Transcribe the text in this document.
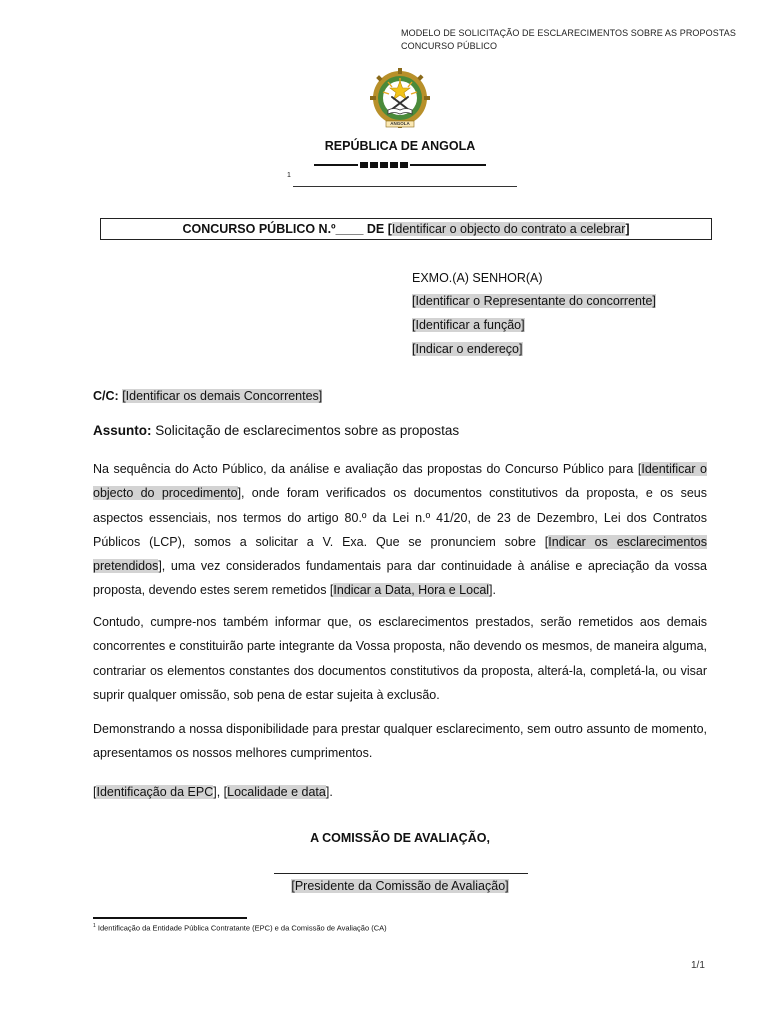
MODELO DE SOLICITAÇÃO DE ESCLARECIMENTOS SOBRE AS PROPOSTAS
CONCURSO PÚBLICO
ANGOLA
REPÚBLICA DE ANGOLA
1
CONCURSO PÚBLICO N.º____ DE [Identificar o objecto do contrato a celebrar]
EXMO.(A) SENHOR(A)
[Identificar o Representante do concorrente]
[Identificar a função]
[Indicar o endereço]
C/C: [Identificar os demais Concorrentes]
Assunto: Solicitação de esclarecimentos sobre as propostas
Na sequência do Acto Público, da análise e avaliação das propostas do Concurso Público para [Identificar o objecto do procedimento], onde foram verificados os documentos constitutivos da proposta, e os seus aspectos essenciais, nos termos do artigo 80.º da Lei n.º 41/20, de 23 de Dezembro, Lei dos Contratos Públicos (LCP), somos a solicitar a V. Exa. Que se pronunciem sobre [Indicar os esclarecimentos pretendidos], uma vez considerados fundamentais para dar continuidade à análise e apreciação da vossa proposta, devendo estes serem remetidos [Indicar a Data, Hora e Local].
Contudo, cumpre-nos também informar que, os esclarecimentos prestados, serão remetidos aos demais concorrentes e constituirão parte integrante da Vossa proposta, não devendo os mesmos, de maneira alguma, contrariar os elementos constantes dos documentos constitutivos da proposta, alterá-la, completá-la, ou visar suprir qualquer omissão, sob pena de estar sujeita à exclusão.
Demonstrando a nossa disponibilidade para prestar qualquer esclarecimento, sem outro assunto de momento, apresentamos os nossos melhores cumprimentos.
[Identificação da EPC], [Localidade e data].
A COMISSÃO DE AVALIAÇÃO,
[Presidente da Comissão de Avaliação]
$^1$ Identificação da Entidade Pública Contratante (EPC) e da Comissão de Avaliação (CA)
1/1
